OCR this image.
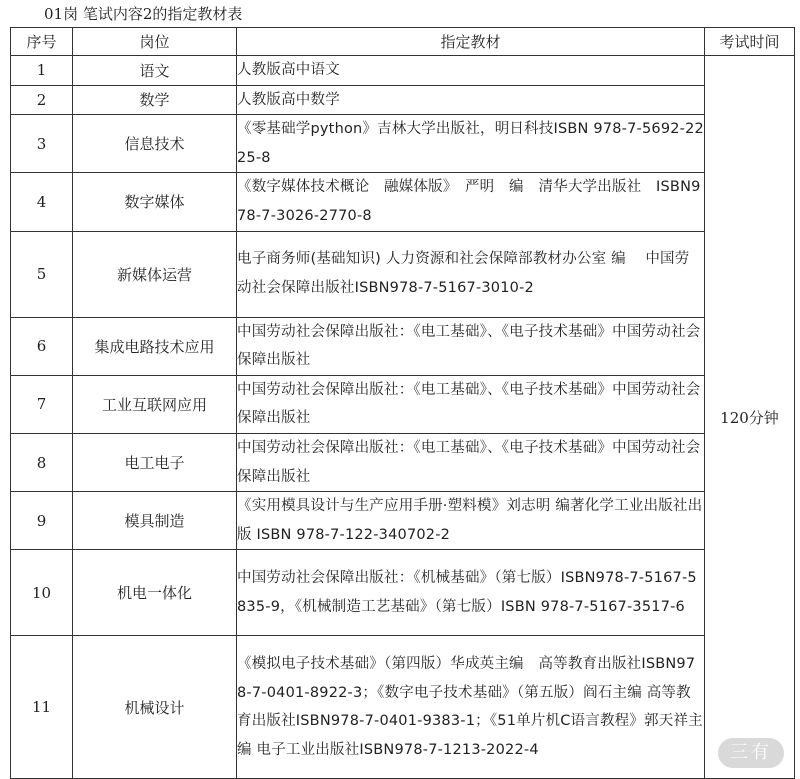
01岗 笔试内容2的指定教材表
序号	岗位	指定教材	考试时间
1	语文	人教版高中语文	120分钟
2	数学	人教版高中数学	
3	信息技术	《零基础学python》吉林大学出版社，明日科技ISBN 978-7-5692-2225-8	
4	数字媒体	《数字媒体技术概论　融媒体版》　严明　编　清华大学出版社　ISBN978-7-3026-2770-8	
5	新媒体运营	电子商务师(基础知识) 人力资源和社会保障部教材办公室 编　 中国劳动社会保障出版社ISBN978-7-5167-3010-2	
6	集成电路技术应用	中国劳动社会保障出版社：《电工基础》、《电子技术基础》中国劳动社会保障出版社	
7	工业互联网应用	中国劳动社会保障出版社：《电工基础》、《电子技术基础》中国劳动社会保障出版社	
8	电工电子	中国劳动社会保障出版社：《电工基础》、《电子技术基础》中国劳动社会保障出版社	
9	模具制造	《实用模具设计与生产应用手册·塑料模》刘志明 编著化学工业出版社出版 ISBN 978-7-122-340702-2	
10	机电一体化	中国劳动社会保障出版社：《机械基础》（第七版）ISBN978-7-5167-5835-9，《机械制造工艺基础》（第七版）ISBN 978-7-5167-3517-6	
11	机械设计	《模拟电子技术基础》（第四版）华成英主编　高等教育出版社ISBN978-7-0401-8922-3；《数字电子技术基础》（第五版）阎石主编 高等教育出版社ISBN978-7-0401-9383-1；《51单片机C语言教程》郭天祥主编 电子工业出版社ISBN978-7-1213-2022-4		三有
